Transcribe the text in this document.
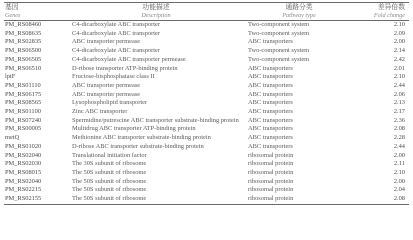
基因	功能描述	通路分类	差异倍数
Genes	Description	Pathway type	Fold change
PM_RS08460	C4-dicarboxylate ABC transporter	Two-component system	2.10
PM_RS08635	C4-dicarboxylate ABC transporter	Two-component system	2.09
PM_RS02835	ABC transporter permease	ABC transporters	2.00
PM_RS06500	C4-dicarboxylate ABC transporter	Two-component system	2.14
PM_RS06505	C4-dicarboxylate ABC transporter permease	Two-component system	2.42
PM_RS06510	D-ribose transporter ATP-binding protein	ABC transporters	2.01
lptF	Fructose-bisphosphatase class II	ABC transporters	2.10
PM_RS01110	ABC transporter permease	ABC transporters	2.44
PM_RS06175	ABC transporter permease	ABC transporters	2.06
PM_RS08565	Lysophospholipid transporter	ABC transporters	2.13
PM_RS01100	Zinc ABC transporter	ABC transporters	2.17
PM_RS07240	Spermidine/putrescine ABC transporter substrate-binding protein	ABC transporters	2.36
PM_RS00005	Multidrug ABC transporter ATP-binding protein	ABC transporters	2.08
metQ	Methionine ABC transporter substrate-binding protein	ABC transporters	2.28
PM_RS01020	D-ribose ABC transporter substrate-binding protein	ABC transporters	2.44
PM_RS02040	Translational initiation factor	ribosomal protein	2.00
PM_RS02030	The 30S subunit of ribosome	ribosomal protein	2.11
PM_RS08015	The 50S subunit of ribosome	ribosomal protein	2.10
PM_RS02040	The 50S subunit of ribosome	ribosomal protein	2.00
PM_RS02215	The 50S subunit of ribosome	ribosomal protein	2.04
PM_RS02155	The 50S subunit of ribosome	ribosomal protein	2.08
